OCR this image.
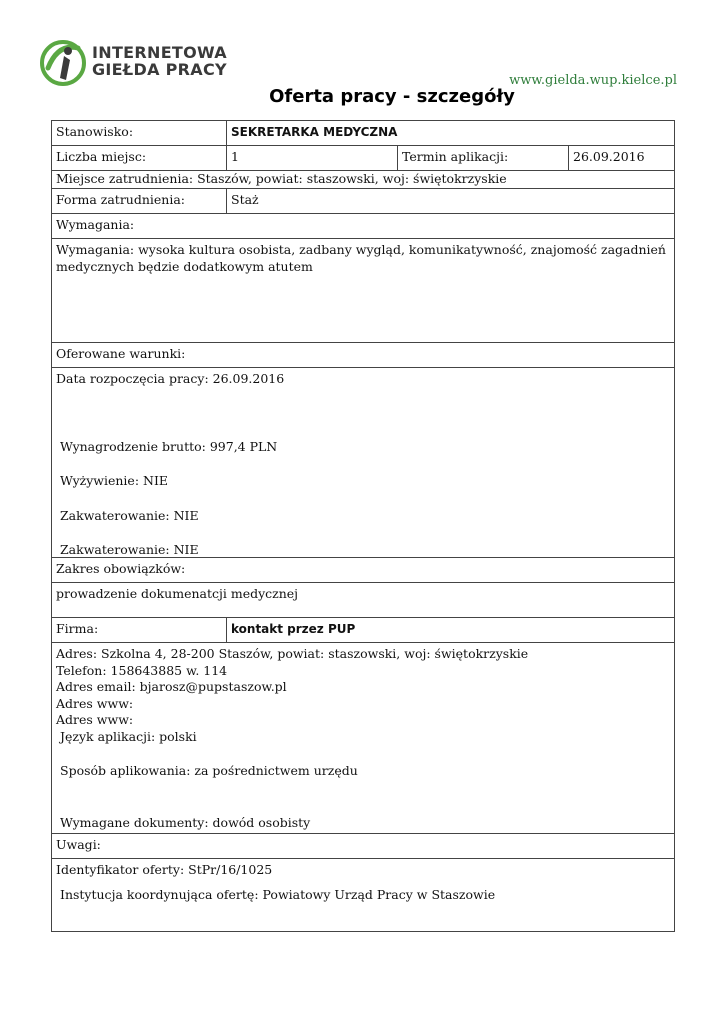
INTERNETOWA
GIEŁDA PRACY
www.gielda.wup.kielce.pl
Oferta pracy - szczegóły
Stanowisko:	SEKRETARKA MEDYCZNA
Liczba miejsc:	1	Termin aplikacji:	26.09.2016
Miejsce zatrudnienia: Staszów, powiat: staszowski, woj: świętokrzyskie
Forma zatrudnienia:	Staż
Wymagania:
Wymagania: wysoka kultura osobista, zadbany wygląd, komunikatywność, znajomość zagadnień medycznych będzie dodatkowym atutem
Oferowane warunki:

Data rozpoczęcia pracy: 26.09.2016

Wynagrodzenie brutto: 997,4 PLN

Wyżywienie: NIE

Zakwaterowanie: NIE

Zakwaterowanie: NIE

Zakres obowiązków:
prowadzenie dokumenatcji medycznej
Firma:	kontakt przez PUP

Adres: Szkolna 4, 28-200 Staszów, powiat: staszowski, woj: świętokrzyskie

Telefon: 158643885 w. 114

Adres email: bjarosz@pupstaszow.pl

Adres www:

Adres www:

Język aplikacji: polski

Sposób aplikowania: za pośrednictwem urzędu

Wymagane dokumenty: dowód osobisty

Uwagi:

Identyfikator oferty: StPr/16/1025

Instytucja koordynująca ofertę: Powiatowy Urząd Pracy w Staszowie
